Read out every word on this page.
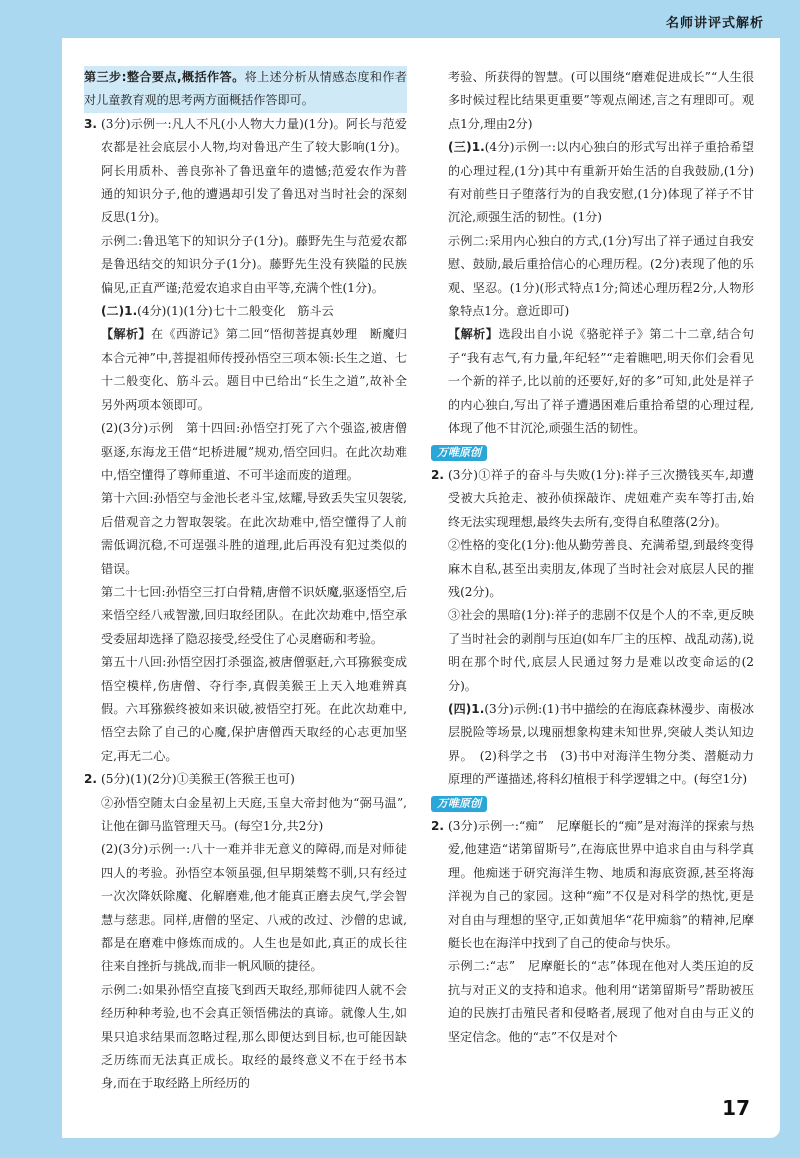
名师讲评式解析

第三步:整合要点,概括作答。将上述分析从情感态度和作者对儿童教育观的思考两方面概括作答即可。

3. (3分)示例一:凡人不凡(小人物大力量)(1分)。阿长与范爱农都是社会底层小人物,均对鲁迅产生了较大影响(1分)。阿长用质朴、善良弥补了鲁迅童年的遗憾;范爱农作为普通的知识分子,他的遭遇却引发了鲁迅对当时社会的深刻反思(1分)。

示例二:鲁迅笔下的知识分子(1分)。藤野先生与范爱农都是鲁迅结交的知识分子(1分)。藤野先生没有狭隘的民族偏见,正直严谨;范爱农追求自由平等,充满个性(1分)。

(二)1.(4分)(1)(1分)七十二般变化　筋斗云

【解析】在《西游记》第二回“悟彻菩提真妙理　断魔归本合元神”中,菩提祖师传授孙悟空三项本领:长生之道、七十二般变化、筋斗云。题目中已给出“长生之道”,故补全另外两项本领即可。

(2)(3分)示例　第十四回:孙悟空打死了六个强盗,被唐僧驱逐,东海龙王借“圯桥进履”规劝,悟空回归。在此次劫难中,悟空懂得了尊师重道、不可半途而废的道理。

第十六回:孙悟空与金池长老斗宝,炫耀,导致丢失宝贝袈裟,后借观音之力智取袈裟。在此次劫难中,悟空懂得了人前需低调沉稳,不可逞强斗胜的道理,此后再没有犯过类似的错误。

第二十七回:孙悟空三打白骨精,唐僧不识妖魔,驱逐悟空,后来悟空经八戒智激,回归取经团队。在此次劫难中,悟空承受委屈却选择了隐忍接受,经受住了心灵磨砺和考验。

第五十八回:孙悟空因打杀强盗,被唐僧驱赶,六耳猕猴变成悟空模样,伤唐僧、夺行李,真假美猴王上天入地难辨真假。六耳猕猴终被如来识破,被悟空打死。在此次劫难中,悟空去除了自己的心魔,保护唐僧西天取经的心志更加坚定,再无二心。

2. (5分)(1)(2分)①美猴王(答猴王也可)

②孙悟空随太白金星初上天庭,玉皇大帝封他为“弼马温”,让他在御马监管理天马。(每空1分,共2分)

(2)(3分)示例一:八十一难并非无意义的障碍,而是对师徒四人的考验。孙悟空本领虽强,但早期桀骜不驯,只有经过一次次降妖除魔、化解磨难,他才能真正磨去戾气,学会智慧与慈悲。同样,唐僧的坚定、八戒的改过、沙僧的忠诚,都是在磨难中修炼而成的。人生也是如此,真正的成长往往来自挫折与挑战,而非一帆风顺的捷径。

示例二:如果孙悟空直接飞到西天取经,那师徒四人就不会经历种种考验,也不会真正领悟佛法的真谛。就像人生,如果只追求结果而忽略过程,那么即便达到目标,也可能因缺乏历练而无法真正成长。取经的最终意义不在于经书本身,而在于取经路上所经历的

考验、所获得的智慧。(可以围绕“磨难促进成长”“人生很多时候过程比结果更重要”等观点阐述,言之有理即可。观点1分,理由2分)

(三)1.(4分)示例一:以内心独白的形式写出祥子重拾希望的心理过程,(1分)其中有重新开始生活的自我鼓励,(1分)有对前些日子堕落行为的自我安慰,(1分)体现了祥子不甘沉沦,顽强生活的韧性。(1分)

示例二:采用内心独白的方式,(1分)写出了祥子通过自我安慰、鼓励,最后重拾信心的心理历程。(2分)表现了他的乐观、坚忍。(1分)(形式特点1分;简述心理历程2分,人物形象特点1分。意近即可)

【解析】选段出自小说《骆驼祥子》第二十二章,结合句子“我有志气,有力量,年纪轻”“走着瞧吧,明天你们会看见一个新的祥子,比以前的还要好,好的多”可知,此处是祥子的内心独白,写出了祥子遭遇困难后重拾希望的心理过程,体现了他不甘沉沦,顽强生活的韧性。

万唯原创

2. (3分)①祥子的奋斗与失败(1分):祥子三次攒钱买车,却遭受被大兵抢走、被孙侦探敲诈、虎妞难产卖车等打击,始终无法实现理想,最终失去所有,变得自私堕落(2分)。

②性格的变化(1分):他从勤劳善良、充满希望,到最终变得麻木自私,甚至出卖朋友,体现了当时社会对底层人民的摧残(2分)。

③社会的黑暗(1分):祥子的悲剧不仅是个人的不幸,更反映了当时社会的剥削与压迫(如车厂主的压榨、战乱动荡),说明在那个时代,底层人民通过努力是难以改变命运的(2分)。

(四)1.(3分)示例:(1)书中描绘的在海底森林漫步、南极冰层脱险等场景,以瑰丽想象构建未知世界,突破人类认知边界。　(2)科学之书　(3)书中对海洋生物分类、潜艇动力原理的严谨描述,将科幻植根于科学逻辑之中。(每空1分)

万唯原创

2. (3分)示例一:“痴”　尼摩艇长的“痴”是对海洋的探索与热爱,他建造“诺第留斯号”,在海底世界中追求自由与科学真理。他痴迷于研究海洋生物、地质和海底资源,甚至将海洋视为自己的家园。这种“痴”不仅是对科学的热忱,更是对自由与理想的坚守,正如黄旭华“花甲痴翁”的精神,尼摩艇长也在海洋中找到了自己的使命与快乐。

示例二:“志”　尼摩艇长的“志”体现在他对人类压迫的反抗与对正义的支持和追求。他利用“诺第留斯号”帮助被压迫的民族打击殖民者和侵略者,展现了他对自由与正义的坚定信念。他的“志”不仅是对个

17
